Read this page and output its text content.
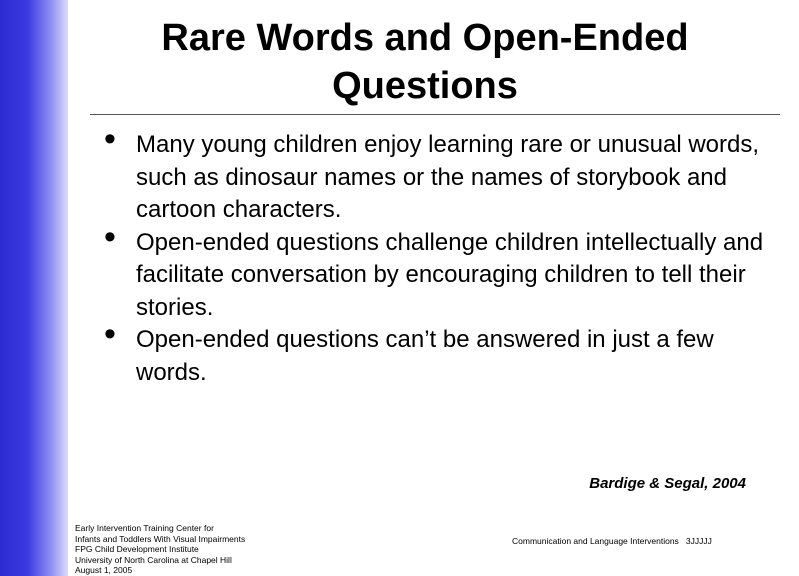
Rare Words and Open-Ended
Questions
• Many young children enjoy learning rare or unusual words, such as dinosaur names or the names of storybook and cartoon characters.
• Open-ended questions challenge children intellectually and facilitate conversation by encouraging children to tell their stories.
• Open-ended questions can’t be answered in just a few words.
Bardige & Segal, 2004
Early Intervention Training Center for
Infants and Toddlers With Visual Impairments
FPG Child Development Institute
University of North Carolina at Chapel Hill
August 1, 2005
Communication and Language Interventions   3JJJJJ
